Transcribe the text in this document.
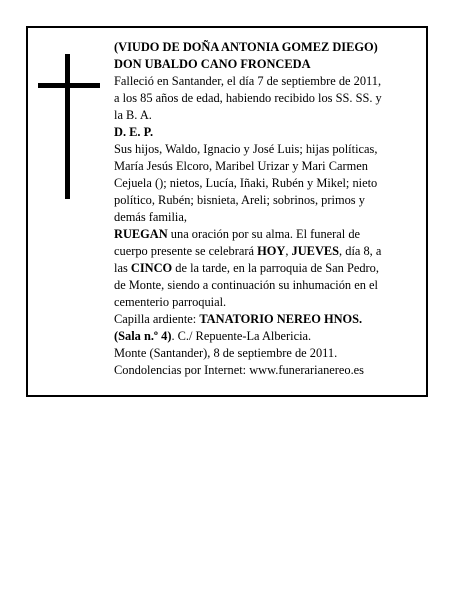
(VIUDO DE DOÑA ANTONIA GOMEZ DIEGO)
DON UBALDO CANO FRONCEDA
Falleció en Santander, el día 7 de septiembre de 2011,
a los 85 años de edad, habiendo recibido los SS. SS. y
la B. A.
D. E. P.
Sus hijos, Waldo, Ignacio y José Luis; hijas políticas,
María Jesús Elcoro, Maribel Urizar y Mari Carmen
Cejuela (); nietos, Lucía, Iñaki, Rubén y Mikel; nieto
político, Rubén; bisnieta, Areli; sobrinos, primos y
demás familia,
RUEGAN una oración por su alma. El funeral de
cuerpo presente se celebrará HOY, JUEVES, día 8, a
las CINCO de la tarde, en la parroquia de San Pedro,
de Monte, siendo a continuación su inhumación en el
cementerio parroquial.
Capilla ardiente: TANATORIO NEREO HNOS.
(Sala n.º 4). C./ Repuente-La Albericia.
Monte (Santander), 8 de septiembre de 2011.
Condolencias por Internet: www.funerarianereo.es
